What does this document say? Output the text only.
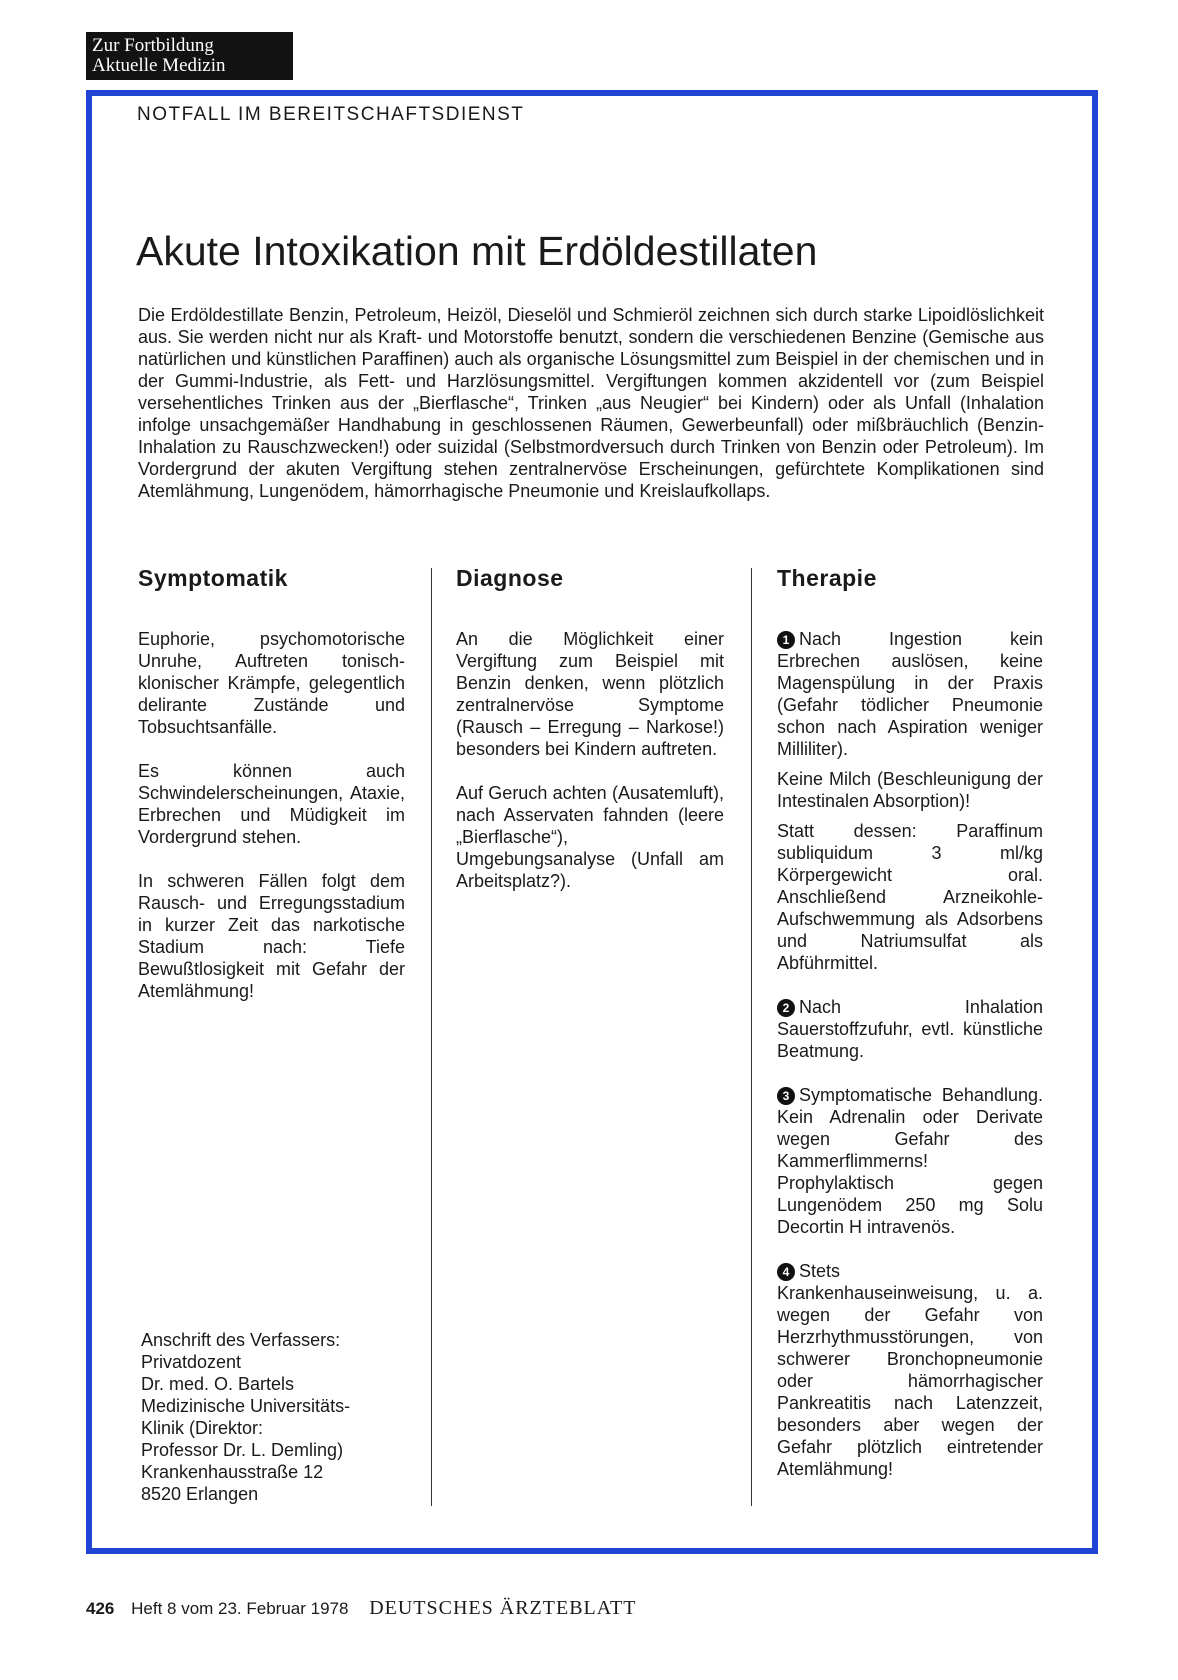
Zur Fortbildung
Aktuelle Medizin
NOTFALL IM BEREITSCHAFTSDIENST
Akute Intoxikation mit Erdöldestillaten

Die Erdöldestillate Benzin, Petroleum, Heizöl, Dieselöl und Schmieröl zeichnen sich durch starke Lipoidlöslichkeit aus. Sie werden nicht nur als Kraft- und Motorstoffe benutzt, sondern die verschiedenen Benzine (Gemische aus natürlichen und künstlichen Paraffinen) auch als organische Lösungsmittel zum Beispiel in der chemischen und in der Gummi-Industrie, als Fett- und Harzlösungsmittel. Vergiftungen kommen akzidentell vor (zum Beispiel versehentliches Trinken aus der „Bierflasche“, Trinken „aus Neugier“ bei Kindern) oder als Unfall (Inhalation infolge unsachgemäßer Handhabung in geschlossenen Räumen, Gewerbeunfall) oder mißbräuchlich (Benzin-Inhalation zu Rauschzwecken!) oder suizidal (Selbstmordversuch durch Trinken von Benzin oder Petroleum). Im Vordergrund der akuten Vergiftung stehen zentralnervöse Erscheinungen, gefürchtete Komplikationen sind Atemlähmung, Lungenödem, hämorrhagische Pneumonie und Kreislaufkollaps.

Symptomatik

Euphorie, psychomotorische Unruhe, Auftreten tonisch-klonischer Krämpfe, gelegentlich delirante Zustände und Tobsuchtsanfälle.

Es können auch Schwindelerscheinungen, Ataxie, Erbrechen und Müdigkeit im Vordergrund stehen.

In schweren Fällen folgt dem Rausch- und Erregungsstadium in kurzer Zeit das narkotische Stadium nach: Tiefe Bewußtlosigkeit mit Gefahr der Atemlähmung!

Diagnose

An die Möglichkeit einer Vergiftung zum Beispiel mit Benzin denken, wenn plötzlich zentralnervöse Symptome (Rausch – Erregung – Narkose!) besonders bei Kindern auftreten.

Auf Geruch achten (Ausatemluft), nach Asservaten fahnden (leere „Bierflasche“), Umgebungsanalyse (Unfall am Arbeitsplatz?).

Therapie

1 Nach Ingestion kein Erbrechen auslösen, keine Magenspülung in der Praxis (Gefahr tödlicher Pneumonie schon nach Aspiration weniger Milliliter).

Keine Milch (Beschleunigung der Intestinalen Absorption)!

Statt dessen: Paraffinum subliquidum 3 ml/kg Körpergewicht oral. Anschließend Arzneikohle-Aufschwemmung als Adsorbens und Natriumsulfat als Abführmittel.

2 Nach Inhalation Sauerstoffzufuhr, evtl. künstliche Beatmung.

3 Symptomatische Behandlung. Kein Adrenalin oder Derivate wegen Gefahr des Kammerflimmerns! Prophylaktisch gegen Lungenödem 250 mg Solu Decortin H intravenös.

4 Stets Krankenhauseinweisung, u. a. wegen der Gefahr von Herzrhythmusstörungen, von schwerer Bronchopneumonie oder hämorrhagischer Pankreatitis nach Latenzzeit, besonders aber wegen der Gefahr plötzlich eintretender Atemlähmung!

Anschrift des Verfassers:
Privatdozent
Dr. med. O. Bartels
Medizinische Universitäts-
Klinik (Direktor:
Professor Dr. L. Demling)
Krankenhausstraße 12
8520 Erlangen
426 Heft 8 vom 23. Februar 1978 DEUTSCHES ÄRZTEBLATT
